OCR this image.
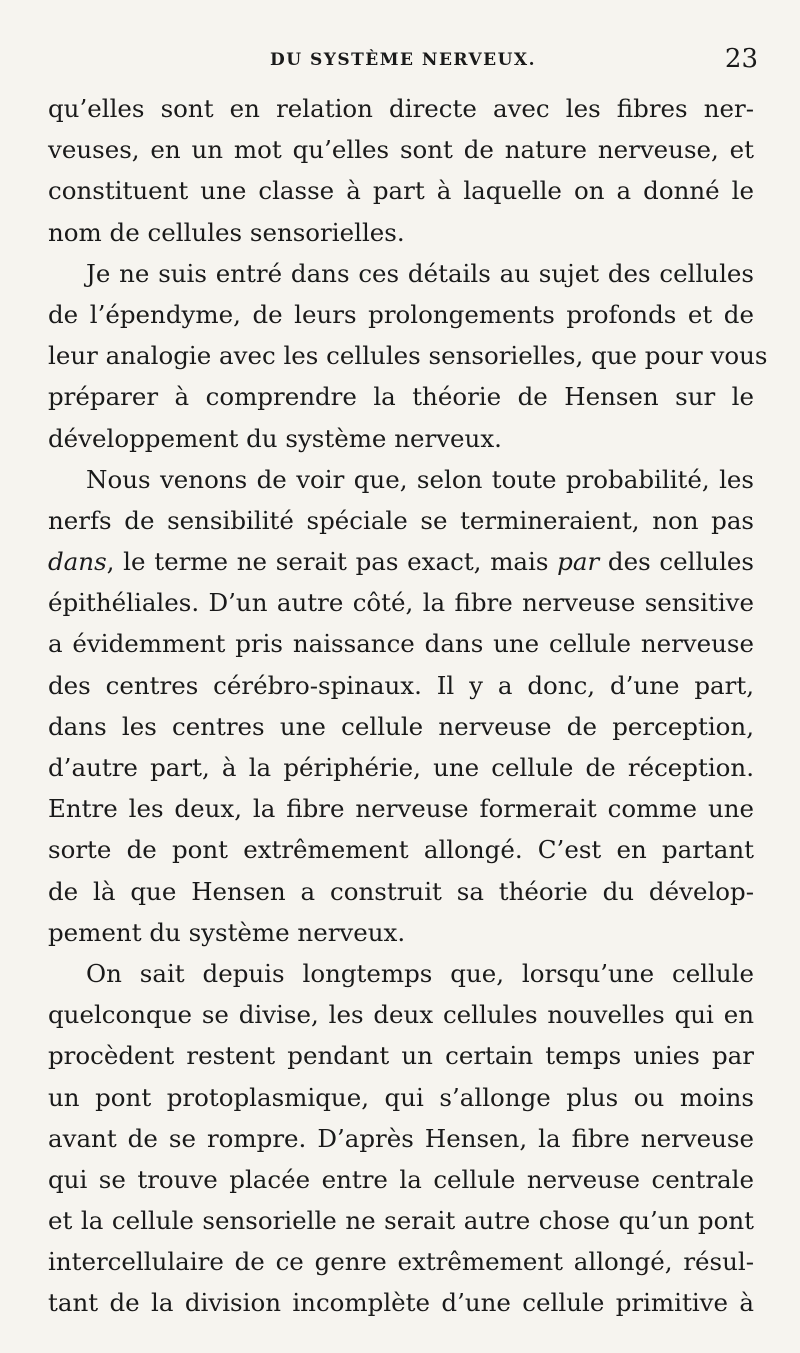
DU SYSTÈME NERVEUX.	23
qu’elles sont en relation directe avec les fibres ner-
veuses, en un mot qu’elles sont de nature nerveuse, et
constituent une classe à part à laquelle on a donné le
nom de cellules sensorielles.
Je ne suis entré dans ces détails au sujet des cellules
de l’épendyme, de leurs prolongements profonds et de
leur analogie avec les cellules sensorielles, que pour vous
préparer à comprendre la théorie de Hensen sur le
développement du système nerveux.
Nous venons de voir que, selon toute probabilité, les
nerfs de sensibilité spéciale se termineraient, non pas
dans, le terme ne serait pas exact, mais par des cellules
épithéliales. D’un autre côté, la fibre nerveuse sensitive
a évidemment pris naissance dans une cellule nerveuse
des centres cérébro-spinaux. Il y a donc, d’une part,
dans les centres une cellule nerveuse de perception,
d’autre part, à la périphérie, une cellule de réception.
Entre les deux, la fibre nerveuse formerait comme une
sorte de pont extrêmement allongé. C’est en partant
de là que Hensen a construit sa théorie du dévelop-
pement du système nerveux.
On sait depuis longtemps que, lorsqu’une cellule
quelconque se divise, les deux cellules nouvelles qui en
procèdent restent pendant un certain temps unies par
un pont protoplasmique, qui s’allonge plus ou moins
avant de se rompre. D’après Hensen, la fibre nerveuse
qui se trouve placée entre la cellule nerveuse centrale
et la cellule sensorielle ne serait autre chose qu’un pont
intercellulaire de ce genre extrêmement allongé, résul-
tant de la division incomplète d’une cellule primitive à
